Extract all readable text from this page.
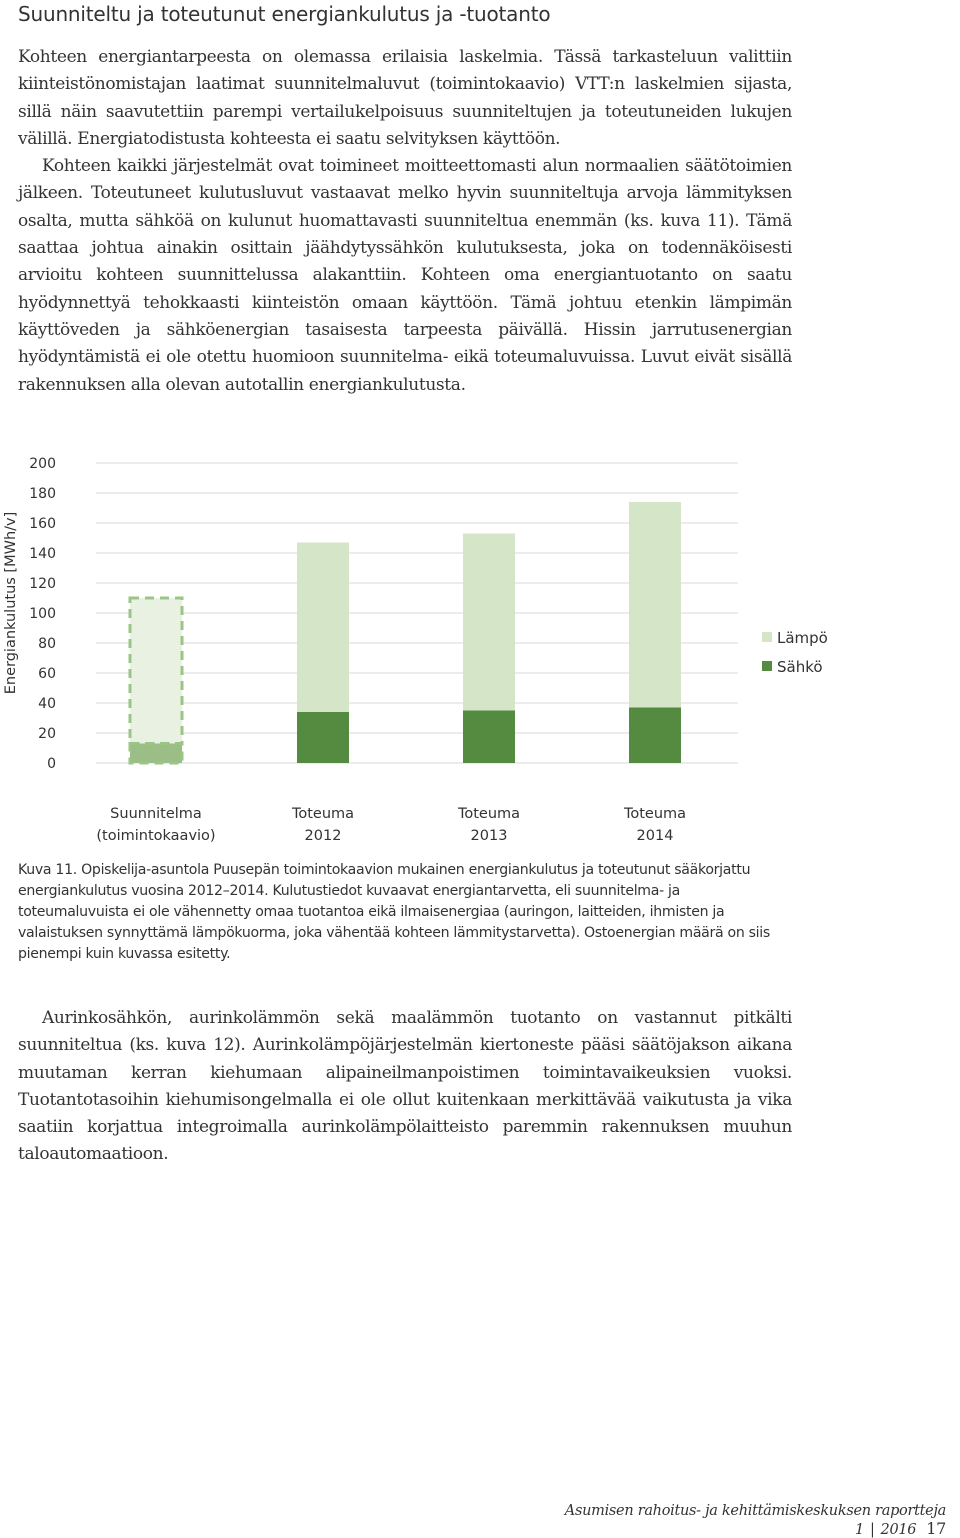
Suunniteltu ja toteutunut energiankulutus ja -tuotanto

Kohteen energiantarpeesta on olemassa erilaisia laskelmia. Tässä tarkasteluun valittiin kiinteistönomistajan laatimat suunnitelmaluvut (toimintokaavio) VTT:n laskelmien sijasta, sillä näin saavutettiin parempi vertailukelpoisuus suunniteltujen ja toteutuneiden lukujen välillä. Energiatodistusta kohteesta ei saatu selvityksen käyttöön.

Kohteen kaikki järjestelmät ovat toimineet moitteettomasti alun normaalien säätötoimien jälkeen. Toteutuneet kulutusluvut vastaavat melko hyvin suunniteltuja arvoja lämmityksen osalta, mutta sähköä on kulunut huomattavasti suunniteltua enemmän (ks. kuva 11). Tämä saattaa johtua ainakin osittain jäähdytyssähkön kulutuksesta, joka on todennäköisesti arvioitu kohteen suunnittelussa alakanttiin. Kohteen oma energiantuotanto on saatu hyödynnettyä tehokkaasti kiinteistön omaan käyttöön. Tämä johtuu etenkin lämpimän käyttöveden ja sähköenergian tasaisesta tarpeesta päivällä. Hissin jarrutusenergian hyödyntämistä ei ole otettu huomioon suunnitelma- eikä toteumaluvuissa. Luvut eivät sisällä rakennuksen alla olevan autotallin energiankulutusta.

0
20
40
60
80
100
120
140
160
180
200
Energiankulutus [MWh/v]
Suunnitelma
(toimintokaavio)
Toteuma
2012
Toteuma
2013
Toteuma
2014
Lämpö
Sähkö

Kuva 11. Opiskelija-asuntola Puusepän toimintokaavion mukainen energiankulutus ja toteutunut sääkorjattu energiankulutus vuosina 2012–2014. Kulutustiedot kuvaavat energiantarvetta, eli suunnitelma- ja toteumaluvuista ei ole vähennetty omaa tuotantoa eikä ilmaisenergiaa (auringon, laitteiden, ihmisten ja valaistuksen synnyttämä lämpökuorma, joka vähentää kohteen lämmitystarvetta). Ostoenergian määrä on siis pienempi kuin kuvassa esitetty.

Aurinkosähkön, aurinkolämmön sekä maalämmön tuotanto on vastannut pitkälti suunniteltua (ks. kuva 12). Aurinkolämpöjärjestelmän kiertoneste pääsi säätöjakson aikana muutaman kerran kiehumaan alipaineilmanpoistimen toimintavaikeuksien vuoksi. Tuotantotasoihin kiehumisongelmalla ei ole ollut kuitenkaan merkittävää vaikutusta ja vika saatiin korjattua integroimalla aurinkolämpölaitteisto paremmin rakennuksen muuhun taloautomaatioon.
Asumisen rahoitus- ja kehittämiskeskuksen raportteja 1 | 2016 17
